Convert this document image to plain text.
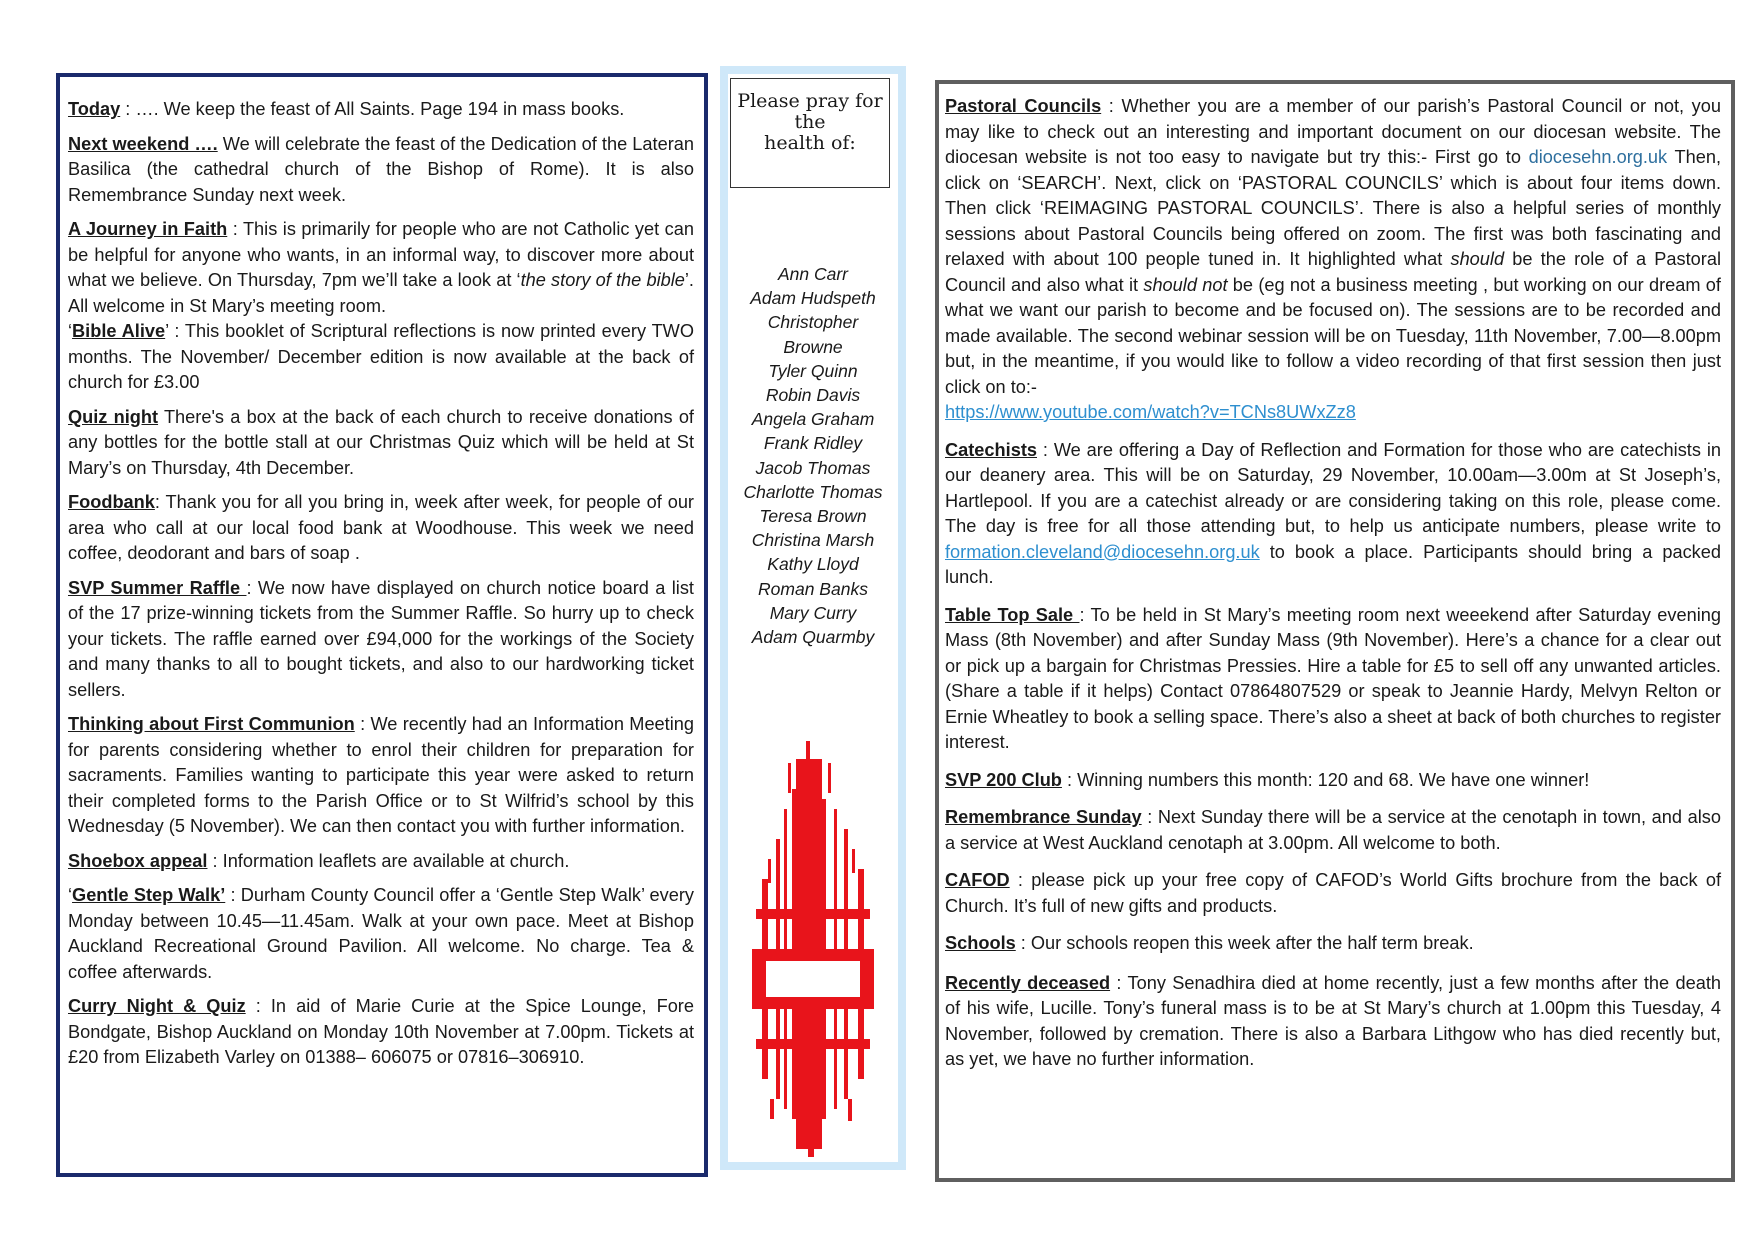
Today : …. We keep the feast of All Saints. Page 194 in mass books.

Next weekend …. We will celebrate the feast of the Dedication of the Lateran Basilica (the cathedral church of the Bishop of Rome). It is also Remembrance Sunday next week.

A Journey in Faith : This is primarily for people who are not Catholic yet can be helpful for anyone who wants, in an informal way, to discover more about what we believe. On Thursday, 7pm we’ll take a look at ‘the story of the bible’. All welcome in St Mary’s meeting room.

‘Bible Alive’ : This booklet of Scriptural reflections is now printed every TWO months. The November/ December edition is now available at the back of church for £3.00

Quiz night There's a box at the back of each church to receive donations of any bottles for the bottle stall at our Christmas Quiz which will be held at St Mary’s on Thursday, 4th December.

Foodbank: Thank you for all you bring in, week after week, for people of our area who call at our local food bank at Woodhouse. This week we need coffee, deodorant and bars of soap .

SVP Summer Raffle : We now have displayed on church notice board a list of the 17 prize-winning tickets from the Summer Raffle. So hurry up to check your tickets. The raffle earned over £94,000 for the workings of the Society and many thanks to all to bought tickets, and also to our hardworking ticket sellers.

Thinking about First Communion : We recently had an Information Meeting for parents considering whether to enrol their children for preparation for sacraments. Families wanting to participate this year were asked to return their completed forms to the Parish Office or to St Wilfrid’s school by this Wednesday (5 November). We can then contact you with further information.

Shoebox appeal : Information leaflets are available at church.

‘Gentle Step Walk’ : Durham County Council offer a ‘Gentle Step Walk’ every Monday between 10.45—11.45am. Walk at your own pace. Meet at Bishop Auckland Recreational Ground Pavilion. All welcome. No charge. Tea & coffee afterwards.

Curry Night & Quiz : In aid of Marie Curie at the Spice Lounge, Fore Bondgate, Bishop Auckland on Monday 10th November at 7.00pm. Tickets at £20 from Elizabeth Varley on 01388– 606075 or 07816–306910.

Please pray for
the
health of:
Ann Carr
Adam Hudspeth
Christopher
Browne
Tyler Quinn
Robin Davis
Angela Graham
Frank Ridley
Jacob Thomas
Charlotte Thomas
Teresa Brown
Christina Marsh
Kathy Lloyd
Roman Banks
Mary Curry
Adam Quarmby

Pastoral Councils : Whether you are a member of our parish’s Pastoral Council or not, you may like to check out an interesting and important document on our diocesan website. The diocesan website is not too easy to navigate but try this:- First go to diocesehn.org.uk Then, click on ‘SEARCH’. Next, click on ‘PASTORAL COUNCILS’ which is about four items down. Then click ‘REIMAGING PASTORAL COUNCILS’. There is also a helpful series of monthly sessions about Pastoral Councils being offered on zoom. The first was both fascinating and relaxed with about 100 people tuned in. It highlighted what should be the role of a Pastoral Council and also what it should not be (eg not a business meeting , but working on our dream of what we want our parish to become and be focused on). The sessions are to be recorded and made available. The second webinar session will be on Tuesday, 11th November, 7.00—8.00pm but, in the meantime, if you would like to follow a video recording of that first session then just click on to:-
https://www.youtube.com/watch?v=TCNs8UWxZz8

Catechists : We are offering a Day of Reflection and Formation for those who are catechists in our deanery area. This will be on Saturday, 29 November, 10.00am—3.00m at St Joseph’s, Hartlepool. If you are a catechist already or are considering taking on this role, please come. The day is free for all those attending but, to help us anticipate numbers, please write to formation.cleveland@diocesehn.org.uk to book a place. Participants should bring a packed lunch.

Table Top Sale : To be held in St Mary’s meeting room next weeekend after Saturday evening Mass (8th November) and after Sunday Mass (9th November). Here’s a chance for a clear out or pick up a bargain for Christmas Pressies. Hire a table for £5 to sell off any unwanted articles. (Share a table if it helps) Contact 07864807529 or speak to Jeannie Hardy, Melvyn Relton or Ernie Wheatley to book a selling space. There’s also a sheet at back of both churches to register interest.

SVP 200 Club : Winning numbers this month: 120 and 68. We have one winner!

Remembrance Sunday : Next Sunday there will be a service at the cenotaph in town, and also a service at West Auckland cenotaph at 3.00pm. All welcome to both.

CAFOD : please pick up your free copy of CAFOD’s World Gifts brochure from the back of Church. It’s full of new gifts and products.

Schools : Our schools reopen this week after the half term break.

Recently deceased : Tony Senadhira died at home recently, just a few months after the death of his wife, Lucille. Tony’s funeral mass is to be at St Mary’s church at 1.00pm this Tuesday, 4 November, followed by cremation. There is also a Barbara Lithgow who has died recently but, as yet, we have no further information.
